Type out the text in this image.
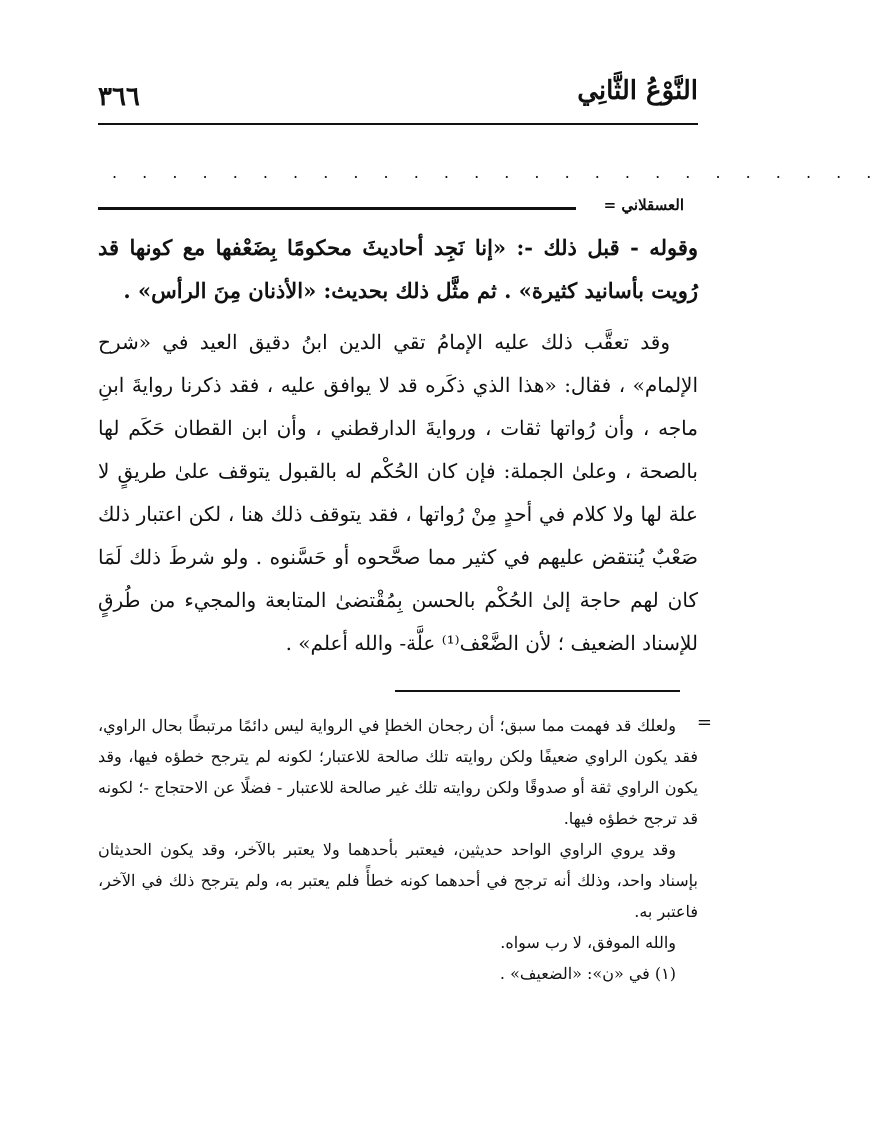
٣٦٦	النَّوْعُ الثَّانِي
. . . . . . . . . . . . . . . . . . . . . . . . . .
العسقلاني =
وقوله - قبل ذلك -: «إنا نَجِد أحاديثَ محكومًا بِضَعْفها مع كونها قد رُويت بأسانيد كثيرة» . ثم مثَّل ذلك بحديث: «الأذنان مِنَ الرأس» .

وقد تعقَّب ذلك عليه الإمامُ تقي الدين ابنُ دقيق العيد في «شرح الإلمام» ، فقال: «هذا الذي ذكَره قد لا يوافق عليه ، فقد ذكرنا روايةَ ابنِ ماجه ، وأن رُواتها ثقات ، وروايةَ الدارقطني ، وأن ابن القطان حَكَم لها بالصحة ، وعلىٰ الجملة: فإن كان الحُكْم له بالقبول يتوقف علىٰ طريقٍ لا علة لها ولا كلام في أحدٍ مِنْ رُواتها ، فقد يتوقف ذلك هنا ، لكن اعتبار ذلك صَعْبٌ يُنتقض عليهم في كثير مما صحَّحوه أو حَسَّنوه . ولو شرطَ ذلك لَمَا كان لهم حاجة إلىٰ الحُكْم بالحسن بِمُقْتضىٰ المتابعة والمجيء من طُرقٍ للإسناد الضعيف ؛ لأن الضَّعْف⁽¹⁾ علَّة- والله أعلم» .

=

ولعلك قد فهمت مما سبق؛ أن رجحان الخطإ في الرواية ليس دائمًا مرتبطًا بحال الراوي، فقد يكون الراوي ضعيفًا ولكن روايته تلك صالحة للاعتبار؛ لكونه لم يترجح خطؤه فيها، وقد يكون الراوي ثقة أو صدوقًا ولكن روايته تلك غير صالحة للاعتبار - فضلًا عن الاحتجاج -؛ لكونه قد ترجح خطؤه فيها.

وقد يروي الراوي الواحد حديثين، فيعتبر بأحدهما ولا يعتبر بالآخر، وقد يكون الحديثان بإسناد واحد، وذلك أنه ترجح في أحدهما كونه خطأً فلم يعتبر به، ولم يترجح ذلك في الآخر، فاعتبر به.

والله الموفق، لا رب سواه.

(١) في «ن»: «الضعيف» .
